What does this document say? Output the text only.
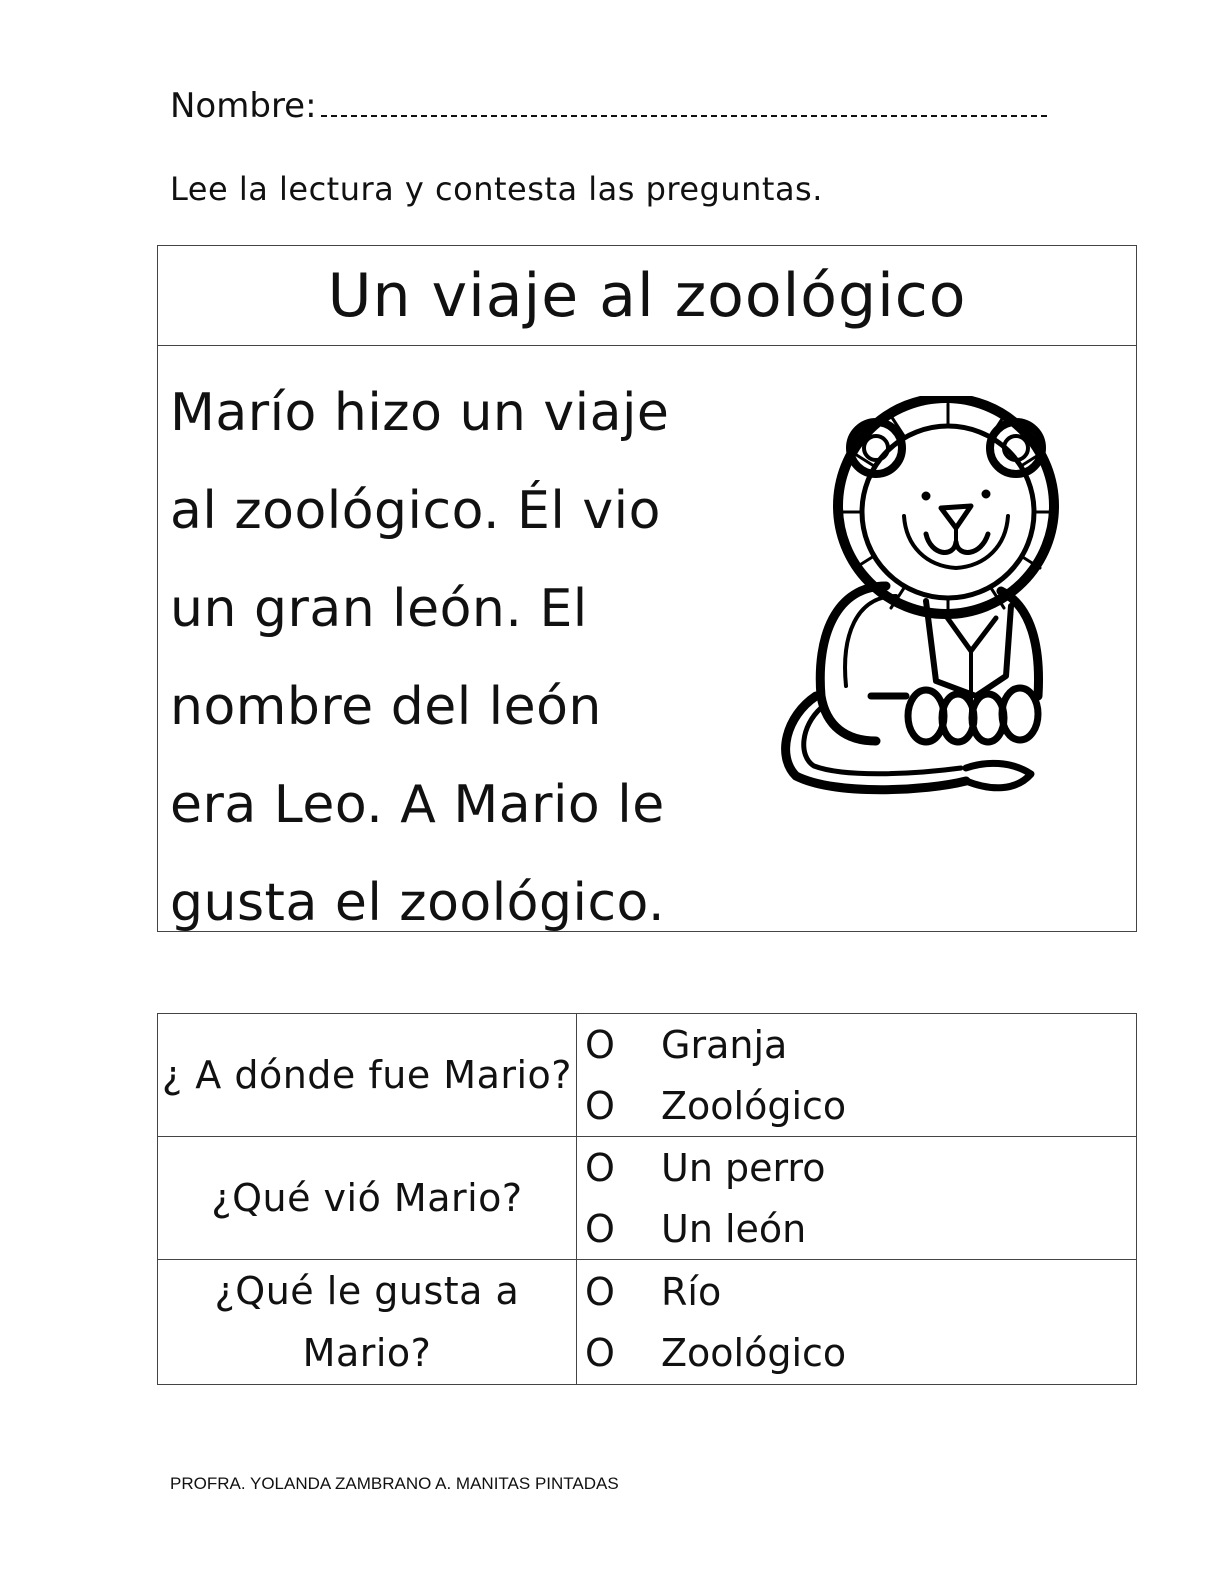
Nombre:
Lee la lectura y contesta las preguntas.
Un viaje al zoológico
Marío hizo un viaje
al zoológico. Él vio
un gran león. El
nombre del león
era Leo. A Mario le
gusta el zoológico.
¿ A dónde fue Mario?	O Granja
O Zoológico

¿Qué vió Mario?	O Un perro
O Un león

¿Qué le gusta a Mario?	O Río
O Zoológico
PROFRA. YOLANDA ZAMBRANO A. MANITAS PINTADAS
